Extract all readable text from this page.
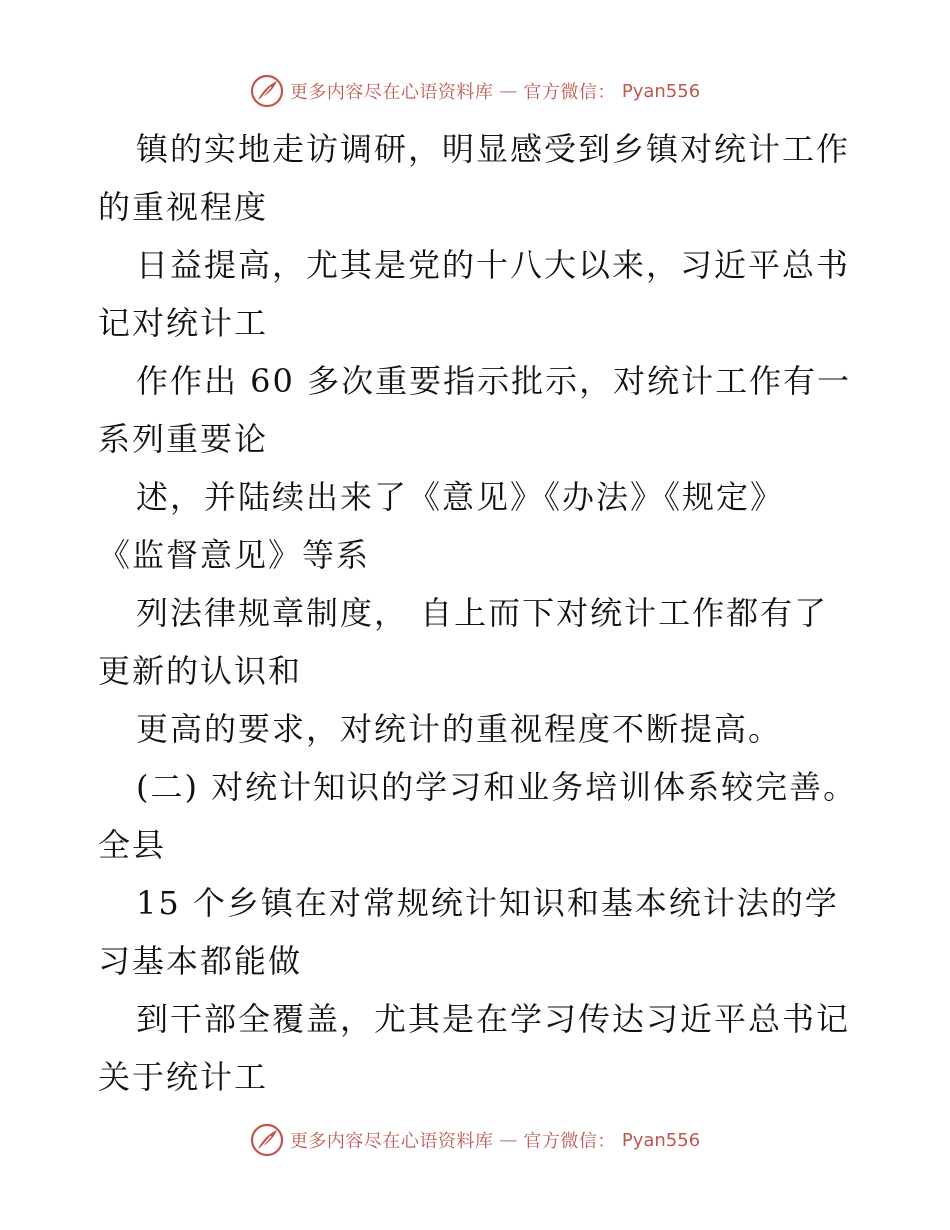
更多内容尽在心语资料库 — 官方微信： Pyan556
镇的实地走访调研，明显感受到乡镇对统计工作
的重视程度
日益提高，尤其是党的十八大以来，习近平总书
记对统计工
作作出 60 多次重要指示批示，对统计工作有一
系列重要论
述，并陆续出来了《意见》《办法》《规定》
《监督意见》等系
列法律规章制度， 自上而下对统计工作都有了
更新的认识和
更高的要求，对统计的重视程度不断提高。
(二) 对统计知识的学习和业务培训体系较完善。
全县
15 个乡镇在对常规统计知识和基本统计法的学
习基本都能做
到干部全覆盖，尤其是在学习传达习近平总书记
关于统计工
更多内容尽在心语资料库 — 官方微信： Pyan556
